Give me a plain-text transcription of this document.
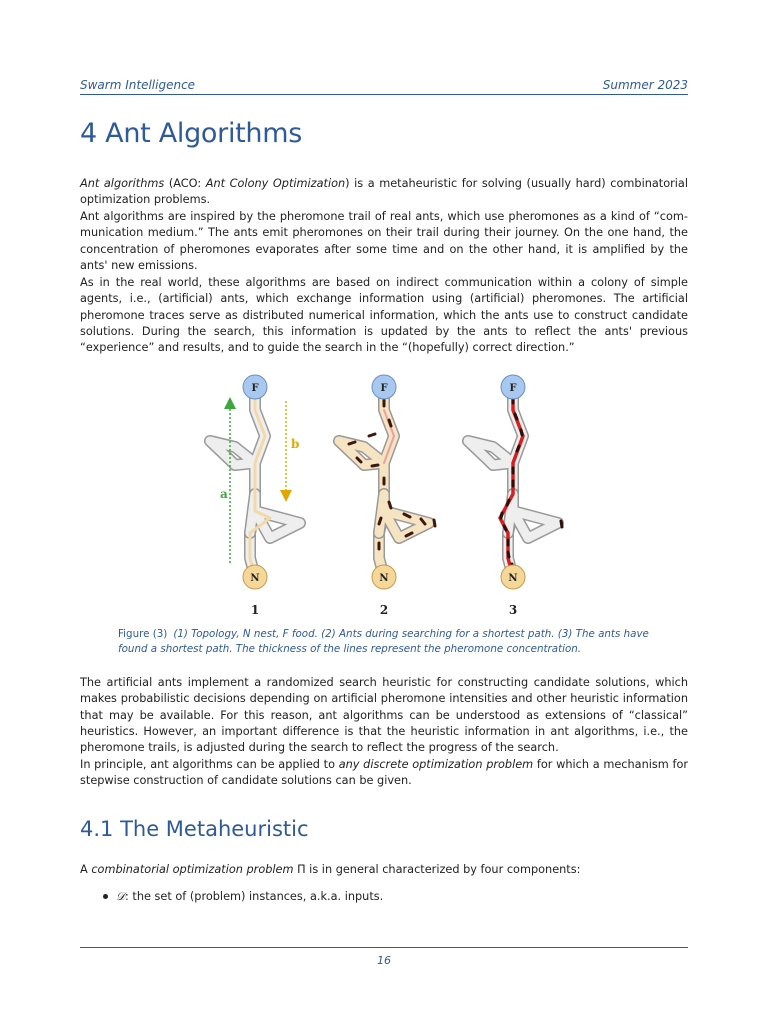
Swarm Intelligence	Summer 2023
4 Ant Algorithms

Ant algorithms (ACO: Ant Colony Optimization) is a metaheuristic for solving (usually hard) combinatorial optimization problems.

Ant algorithms are inspired by the pheromone trail of real ants, which use pheromones as a kind of “com-munication medium.” The ants emit pheromones on their trail during their journey. On the one hand, the concentration of pheromones evaporates after some time and on the other hand, it is amplified by the ants' new emissions.

As in the real world, these algorithms are based on indirect communication within a colony of simple agents, i.e., (artificial) ants, which exchange information using (artificial) pheromones. The artificial pheromone traces serve as distributed numerical information, which the ants use to construct candidate solutions. During the search, this information is updated by the ants to reflect the ants' previous “experience” and results, and to guide the search in the “(hopefully) correct direction.”

a
b
F
N
1
F
N
2
F
N
3
Figure (3) (1) Topology, N nest, F food. (2) Ants during searching for a shortest path. (3) The ants have found a shortest path. The thickness of the lines represent the pheromone concentration.

The artificial ants implement a randomized search heuristic for constructing candidate solutions, which makes probabilistic decisions depending on artificial pheromone intensities and other heuristic information that may be available. For this reason, ant algorithms can be understood as extensions of “classical” heuristics. However, an important difference is that the heuristic information in ant algorithms, i.e., the pheromone trails, is adjusted during the search to reflect the progress of the search.

In principle, ant algorithms can be applied to any discrete optimization problem for which a mechanism for stepwise construction of candidate solutions can be given.

4.1 The Metaheuristic

A combinatorial optimization problem Π is in general characterized by four components:

𝒟: the set of (problem) instances, a.k.a. inputs.
16
